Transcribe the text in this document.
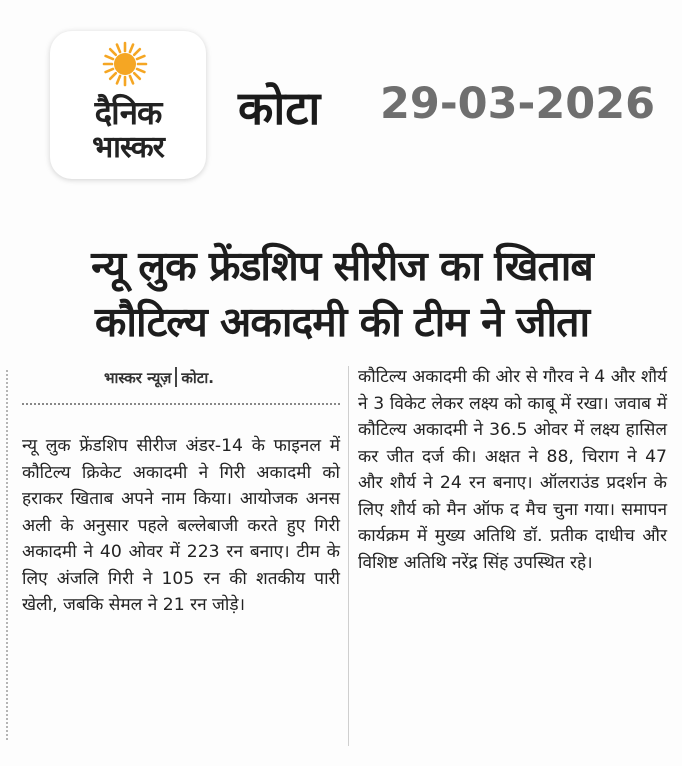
दैनिक
भास्कर
कोटा 29-03-2026
न्यू लुक फ्रेंडशिप सीरीज का खिताब
कौटिल्य अकादमी की टीम ने जीता
भास्कर न्यूज़ कोटा.

न्यू लुक फ्रेंडशिप सीरीज अंडर-14 के फाइनल में कौटिल्य क्रिकेट अकादमी ने गिरी अकादमी को हराकर खिताब अपने नाम किया। आयोजक अनस अली के अनुसार पहले बल्लेबाजी करते हुए गिरी अकादमी ने 40 ओवर में 223 रन बनाए। टीम के लिए अंजलि गिरी ने 105 रन की शतकीय पारी खेली, जबकि सेमल ने 21 रन जोड़े।

कौटिल्य अकादमी की ओर से गौरव ने 4 और शौर्य ने 3 विकेट लेकर लक्ष्य को काबू में रखा। जवाब में कौटिल्य अकादमी ने 36.5 ओवर में लक्ष्य हासिल कर जीत दर्ज की। अक्षत ने 88, चिराग ने 47 और शौर्य ने 24 रन बनाए। ऑलराउंड प्रदर्शन के लिए शौर्य को मैन ऑफ द मैच चुना गया। समापन कार्यक्रम में मुख्य अतिथि डॉ. प्रतीक दाधीच और विशिष्ट अतिथि नरेंद्र सिंह उपस्थित रहे।
